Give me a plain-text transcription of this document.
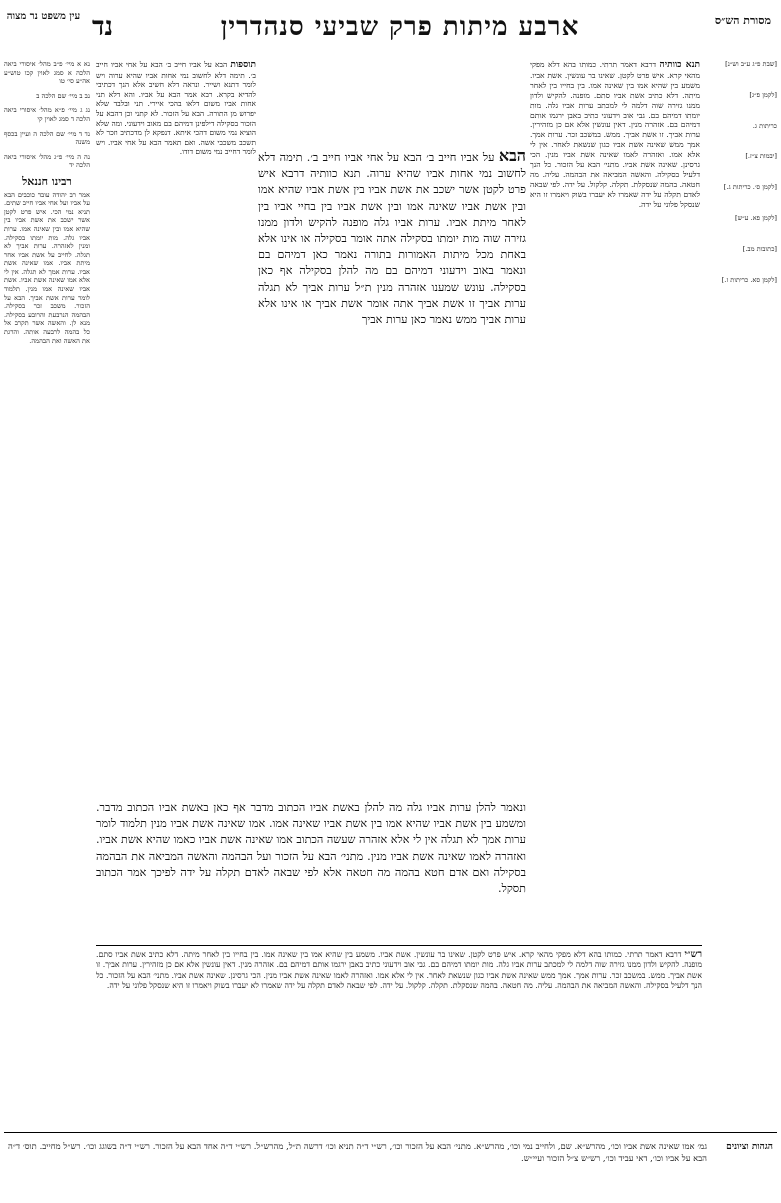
עין משפט נר מצוה נד	ארבע מיתות פרק שביעי סנהדרין	מסורת הש״ס
נא א מיי׳ פ״ב מהל׳ איסורי ביאה הלכה א סמג לאוין קכו טוש״ע אה״ע סי׳ טו
נב ב מיי׳ שם הלכה ב
נג ג מיי׳ פ״א מהל׳ איסורי ביאה הלכה ד סמג לאוין קי
נד ד מיי׳ שם הלכה ה ועיין בכסף משנה
נה ה מיי׳ פ״ג מהל׳ איסורי ביאה הלכה יד
רבינו חננאל
אמר רב יהודה עובד כוכבים הבא על אביו ועל אחי אביו חייב שתים. תניא נמי הכי. איש פרט לקטן אשר ישכב את אשת אביו בין שהיא אמו ובין שאינה אמו. ערות אביו גלה. מות יומתו בסקילה. ומנין לאזהרה. ערות אביך לא תגלה. לחייב על אשת אביו אחר מיתת אביו. אמו שאינה אשת אביו. ערות אמך לא תגלה. אין לי אלא אמו שאינה אשת אביו. אשת אביו שאינה אמו מנין. תלמוד לומר ערות אשת אביך. הבא על הזכור. משכב זכר בסקילה. הבהמה הנרבעת והרובע בסקילה. מנא לן. והאשה אשר תקרב אל כל בהמה לרבעה אותה. והרגת את האשה ואת הבהמה.
תוספות הבא על אביו חייב ב׳ הבא על אחי אביו חייב ב׳. תימה דלא לחשוב נמי אחות אביו שהיא ערוה ויש לומר דתנא ושייר. ונראה דלא חשיב אלא הנך דכתיבי להדיא בקרא. רבא אמר הבא על אביו. והא דלא תני אחות אביו משום דלאו בהכי איירי. תני ובלבד שלא יפרוש מן התורה. הבא על הזכור. לא קתני וכן דהבא על הזכור בסקילה דילפינן דמיהם בם מאוב וידעוני. ומה שלא הוציא נמי משום דהכי איתא. דנפקא לן מדכתיב וזכר לא תשכב משכבי אשה. ואם תאמר הבא על אחי אביו. ויש לומר דחייב נמי משום דודו.	הבא על אביו חייב ב׳ הבא על אחי אביו חייב ב׳. תימה דלא לחשוב נמי אחות אביו שהיא ערוה. תנא כוותיה דרבא איש פרט לקטן אשר ישכב את אשת אביו בין אשת אביו שהיא אמו ובין אשת אביו שאינה אמו ובין אשת אביו בין בחיי אביו בין לאחר מיתת אביו. ערות אביו גלה מופנה להקיש ולדון ממנו גזירה שוה מות יומתו בסקילה אתה אומר בסקילה או אינו אלא באחת מכל מיתות האמורות בתורה נאמר כאן דמיהם בם ונאמר באוב וידעוני דמיהם בם מה להלן בסקילה אף כאן בסקילה. עונש שמענו אזהרה מנין ת״ל ערות אביך לא תגלה ערות אביך זו אשת אביך אתה אומר אשת אביך או אינו אלא ערות אביך ממש נאמר כאן ערות אביך
ונאמר להלן ערות אביו גלה מה להלן באשת אביו הכתוב מדבר אף כאן באשת אביו הכתוב מדבר. ומשמע בין אשת אביו שהיא אמו בין אשת אביו שאינה אמו. אמו שאינה אשת אביו מנין תלמוד לומר ערות אמך לא תגלה אין לי אלא אזהרה שעשה הכתוב אמו שאינה אשת אביו כאמו שהיא אשת אביו. ואזהרה לאמו שאינה אשת אביו מנין. מתני׳ הבא על הזכור ועל הבהמה והאשה המביאה את הבהמה בסקילה ואם אדם חטא בהמה מה חטאה אלא לפי שבאה לאדם תקלה על ידה לפיכך אמר הכתוב תסקל.
תנא כוותיה דרבא דאמר תרתי. כמותו בהא דלא מפקי מהאי קרא. איש פרט לקטן. שאינו בר עונשין. אשת אביו. משמע בין שהיא אמו בין שאינה אמו. בין בחייו בין לאחר מיתה. דלא כתיב אשת אביו סתם. מופנה. להקיש ולדון ממנו גזירה שוה דלמה לי למכתב ערות אביו גלה. מות יומתו דמיהם בם. גבי אוב וידעוני כתיב באבן ירגמו אותם דמיהם בם. אזהרה מנין. דאין עונשין אלא אם כן מזהירין. ערות אביך. זו אשת אביך. ממש. במשכב זכר. ערות אמך. אמך ממש שאינה אשת אביו כגון שנשאת לאחר. אין לי אלא אמו. ואזהרה לאמו שאינה אשת אביו מנין. הכי גרסינן. שאינה אשת אביו. מתני׳ הבא על הזכור. כל הנך דלעיל בסקילה. והאשה המביאה את הבהמה. עליה. מה חטאה. בהמה שנסקלת. תקלה. קלקול. על ידה. לפי שבאה לאדם תקלה על ידה שאמרו לא יעברו בשוק ויאמרו זו היא שנסקל פלוני על ידה.
[שבת פ״ג ע״ב וש״נ]
[לקמן פ״ג]
כריתות ג.
[יבמות צ״ז.]
[לקמן ס׳. כריתות ג.]
[לקמן פא. ע״ש]
[כתובות מב.]
[לקמן סא. כריתות ז.]
רש״י דרבא דאמר תרתי. כמותו בהא דלא מפקי מהאי קרא. איש פרט לקטן. שאינו בר עונשין. אשת אביו. משמע בין שהיא אמו בין שאינה אמו. בין בחייו בין לאחר מיתה. דלא כתיב אשת אביו סתם. מופנה. להקיש ולדון ממנו גזירה שוה דלמה לי למכתב ערות אביו גלה. מות יומתו דמיהם בם. גבי אוב וידעוני כתיב באבן ירגמו אותם דמיהם בם. אזהרה מנין. דאין עונשין אלא אם כן מזהירין. ערות אביך. זו אשת אביך. ממש. במשכב זכר. ערות אמך. אמך ממש שאינה אשת אביו כגון שנשאת לאחר. אין לי אלא אמו. ואזהרה לאמו שאינה אשת אביו מנין. הכי גרסינן. שאינה אשת אביו. מתני׳ הבא על הזכור. כל הנך דלעיל בסקילה. והאשה המביאה את הבהמה. עליה. מה חטאה. בהמה שנסקלת. תקלה. קלקול. על ידה. לפי שבאה לאדם תקלה על ידה שאמרו לא יעברו בשוק ויאמרו זו היא שנסקל פלוני על ידה.
הגהות וציונים
גמ׳ אמו שאינה אשת אביו וכו׳, מהרש״א. שם, ולחייב נמי וכו׳, מהרש״א. מתני׳ הבא על הזכור וכו׳, רש״י ד״ה תניא וכו׳ דרשה ת״ל, מהרש״ל. רש״י ד״ה אחד הבא על הזכור. רש״י ד״ה בשוגג וכו׳. רש״ל מחייב. תוס׳ ד״ה הבא על אביו וכו׳, דאי עביד וכו׳, רש״ש צ״ל הזכור ועיי״ש.
